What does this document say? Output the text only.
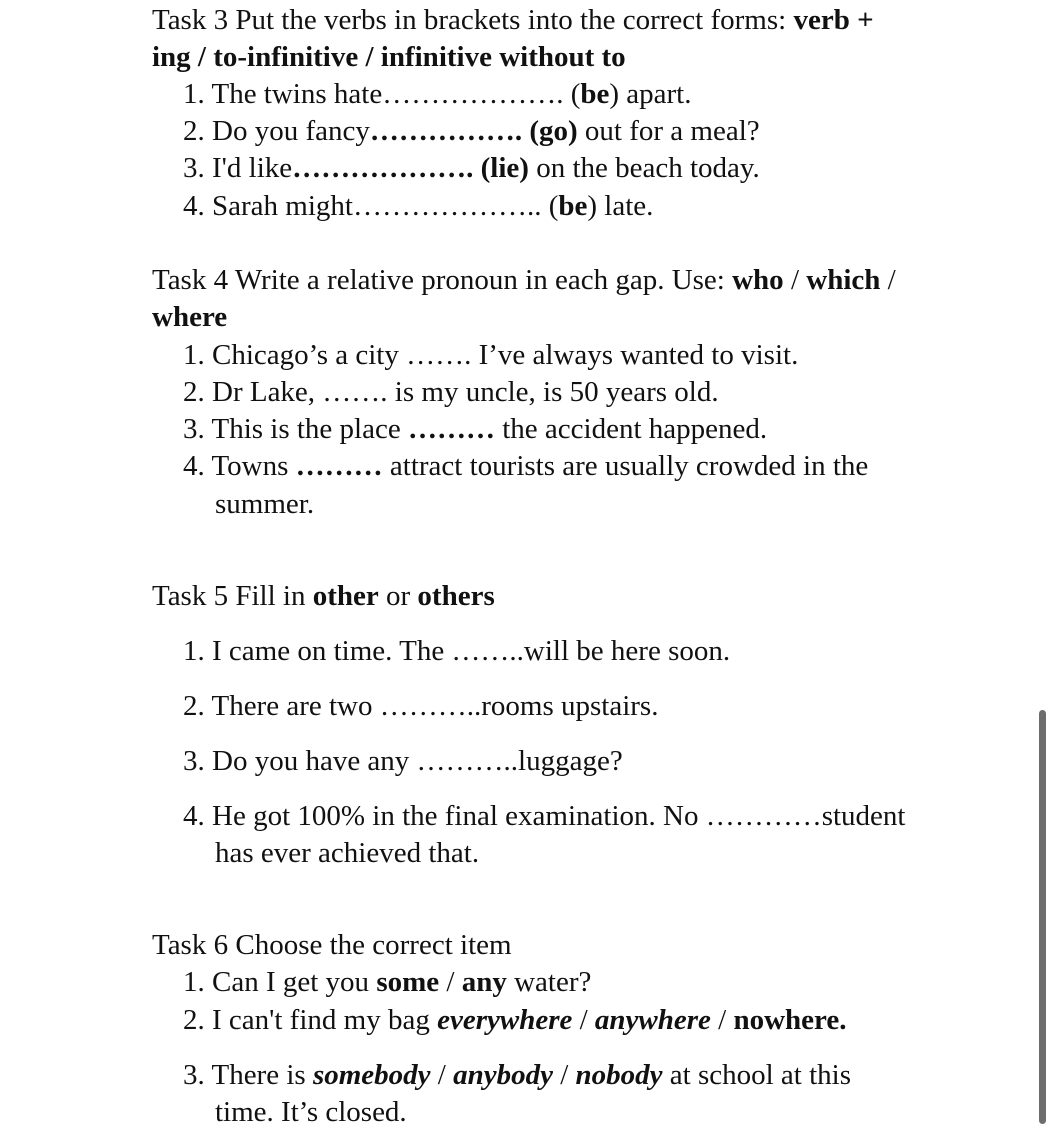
Task 3 Put the verbs in brackets into the correct forms: verb +
ing / to-infinitive / infinitive without to
1. The twins hate………………. (be) apart.
2. Do you fancy……………. (go) out for a meal?
3. I'd like………………. (lie) on the beach today.
4. Sarah might……………….. (be) late.
Task 4 Write a relative pronoun in each gap. Use: who / which /
where
1. Chicago’s a city ……. I’ve always wanted to visit.
2. Dr Lake, ……. is my uncle, is 50 years old.
3. This is the place ……… the accident happened.
4. Towns ……… attract tourists are usually crowded in the
summer.
Task 5 Fill in other or others
1. I came on time. The ……..will be here soon.
2. There are two ………..rooms upstairs.
3. Do you have any ………..luggage?
4. He got 100% in the final examination. No …………student
has ever achieved that.
Task 6 Choose the correct item
1. Can I get you some / any water?
2. I can't find my bag everywhere / anywhere / nowhere.
3. There is somebody / anybody / nobody at school at this
time. It’s closed.
